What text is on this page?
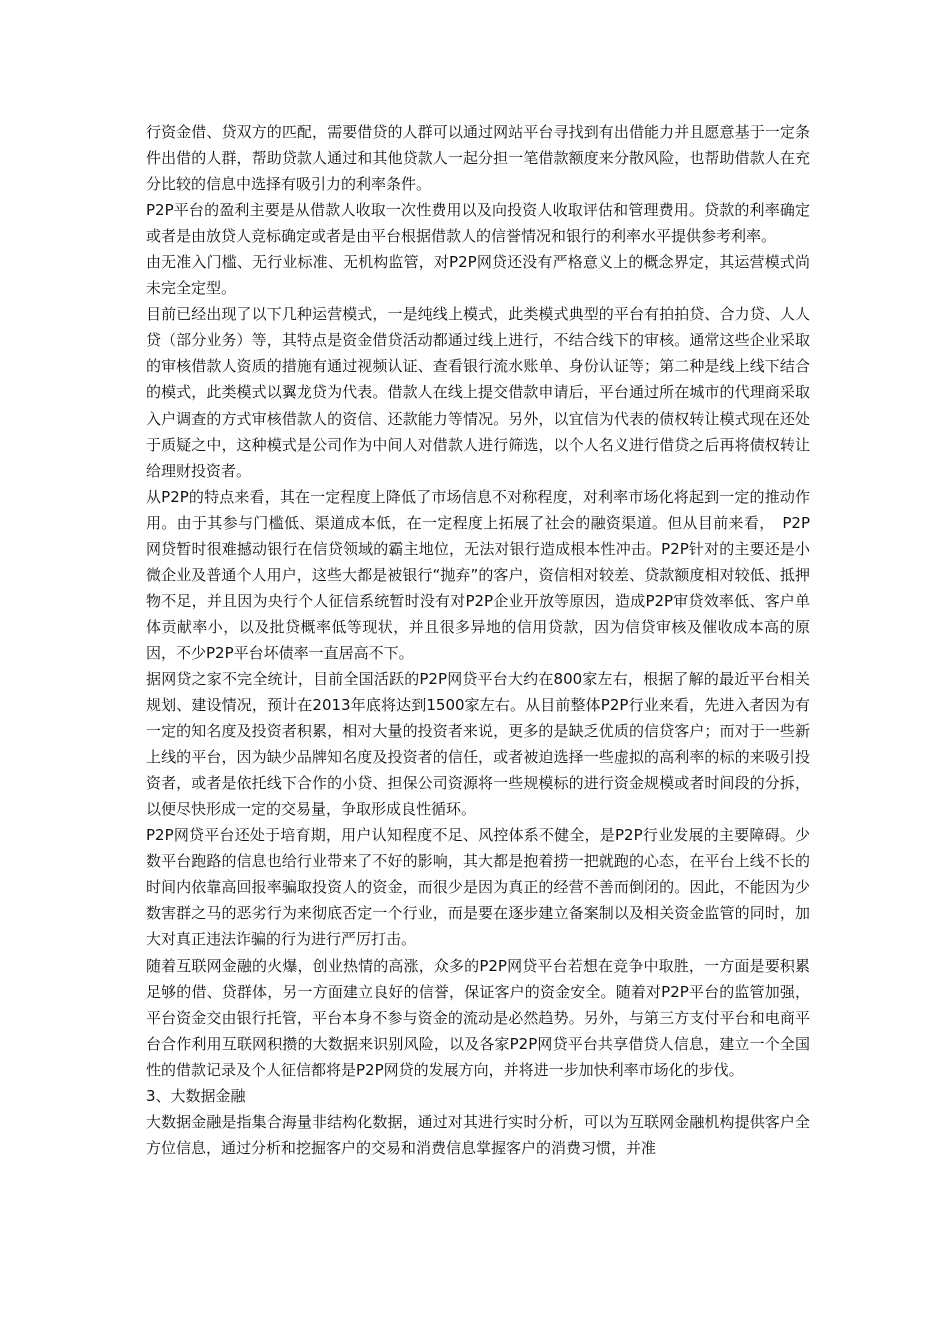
行资金借、贷双方的匹配，需要借贷的人群可以通过网站平台寻找到有出借能力并且愿意基于一定条件出借的人群，帮助贷款人通过和其他贷款人一起分担一笔借款额度来分散风险，也帮助借款人在充分比较的信息中选择有吸引力的利率条件。

P2P平台的盈利主要是从借款人收取一次性费用以及向投资人收取评估和管理费用。贷款的利率确定或者是由放贷人竞标确定或者是由平台根据借款人的信誉情况和银行的利率水平提供参考利率。

由无准入门槛、无行业标准、无机构监管，对P2P网贷还没有严格意义上的概念界定，其运营模式尚未完全定型。

目前已经出现了以下几种运营模式，一是纯线上模式，此类模式典型的平台有拍拍贷、合力贷、人人贷（部分业务）等，其特点是资金借贷活动都通过线上进行，不结合线下的审核。通常这些企业采取的审核借款人资质的措施有通过视频认证、查看银行流水账单、身份认证等；第二种是线上线下结合的模式，此类模式以翼龙贷为代表。借款人在线上提交借款申请后，平台通过所在城市的代理商采取入户调查的方式审核借款人的资信、还款能力等情况。另外，以宜信为代表的债权转让模式现在还处于质疑之中，这种模式是公司作为中间人对借款人进行筛选，以个人名义进行借贷之后再将债权转让给理财投资者。

从P2P的特点来看，其在一定程度上降低了市场信息不对称程度，对利率市场化将起到一定的推动作用。由于其参与门槛低、渠道成本低，在一定程度上拓展了社会的融资渠道。但从目前来看，　P2P网贷暂时很难撼动银行在信贷领域的霸主地位，无法对银行造成根本性冲击。P2P针对的主要还是小微企业及普通个人用户，这些大都是被银行“抛弃”的客户，资信相对较差、贷款额度相对较低、抵押物不足，并且因为央行个人征信系统暂时没有对P2P企业开放等原因，造成P2P审贷效率低、客户单体贡献率小，以及批贷概率低等现状，并且很多异地的信用贷款，因为信贷审核及催收成本高的原因，不少P2P平台坏债率一直居高不下。

据网贷之家不完全统计，目前全国活跃的P2P网贷平台大约在800家左右，根据了解的最近平台相关规划、建设情况，预计在2013年底将达到1500家左右。从目前整体P2P行业来看，先进入者因为有一定的知名度及投资者积累，相对大量的投资者来说，更多的是缺乏优质的信贷客户；而对于一些新上线的平台，因为缺少品牌知名度及投资者的信任，或者被迫选择一些虚拟的高利率的标的来吸引投资者，或者是依托线下合作的小贷、担保公司资源将一些规模标的进行资金规模或者时间段的分拆，以便尽快形成一定的交易量，争取形成良性循环。

P2P网贷平台还处于培育期，用户认知程度不足、风控体系不健全，是P2P行业发展的主要障碍。少数平台跑路的信息也给行业带来了不好的影响，其大都是抱着捞一把就跑的心态，在平台上线不长的时间内依靠高回报率骗取投资人的资金，而很少是因为真正的经营不善而倒闭的。因此，不能因为少数害群之马的恶劣行为来彻底否定一个行业，而是要在逐步建立备案制以及相关资金监管的同时，加大对真正违法诈骗的行为进行严厉打击。

随着互联网金融的火爆，创业热情的高涨，众多的P2P网贷平台若想在竞争中取胜，一方面是要积累足够的借、贷群体，另一方面建立良好的信誉，保证客户的资金安全。随着对P2P平台的监管加强，平台资金交由银行托管，平台本身不参与资金的流动是必然趋势。另外，与第三方支付平台和电商平台合作利用互联网积攒的大数据来识别风险，以及各家P2P网贷平台共享借贷人信息，建立一个全国性的借款记录及个人征信都将是P2P网贷的发展方向，并将进一步加快利率市场化的步伐。

3、大数据金融

大数据金融是指集合海量非结构化数据，通过对其进行实时分析，可以为互联网金融机构提供客户全方位信息，通过分析和挖掘客户的交易和消费信息掌握客户的消费习惯，并准
